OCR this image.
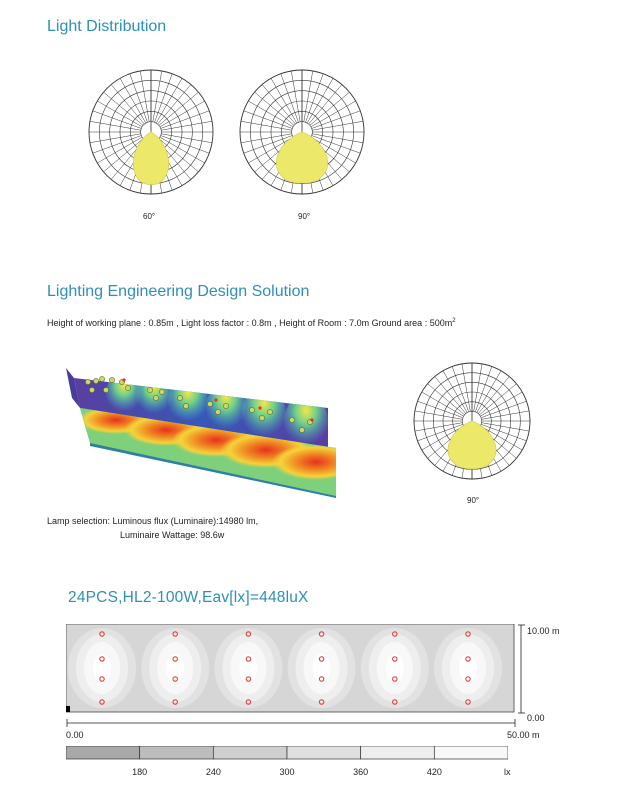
Light Distribution
60°	90°
Lighting Engineering Design Solution
Height of working plane : 0.85m , Light loss factor : 0.8m , Height of Room : 7.0m Ground area : $500m^2$
90°
Lamp selection: Luminous flux (Luminaire):14980 lm,
Luminaire Wattage: 98.6w
24PCS,HL2-100W,Eav[lx]=448luX
10.00 m
0.00
0.00	50.00 m
180	240	300	360	420	lx
